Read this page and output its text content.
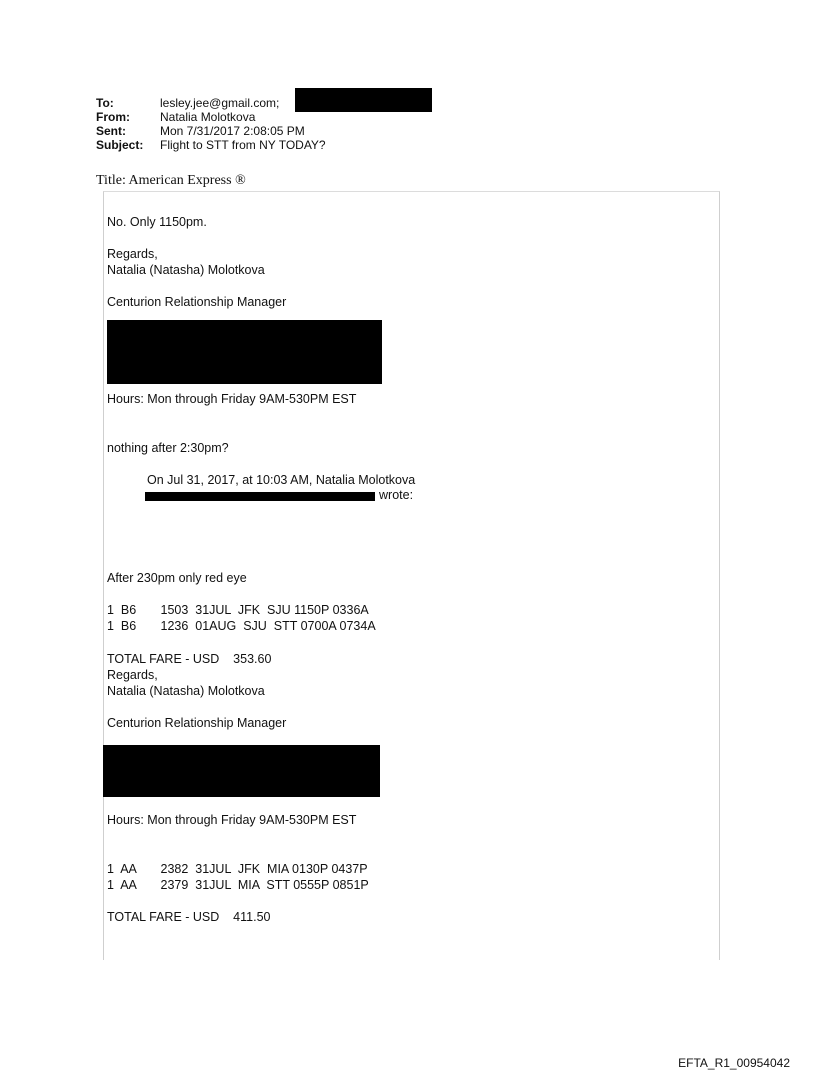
To:	lesley.jee@gmail.com;
From:	Natalia Molotkova
Sent:	Mon 7/31/2017 2:08:05 PM
Subject:	Flight to STT from NY TODAY?
Title: American Express ®
No. Only 1150pm.
Regards,
Natalia (Natasha) Molotkova
Centurion Relationship Manager
Hours: Mon through Friday 9AM-530PM EST
nothing after 2:30pm?
On Jul 31, 2017, at 10:03 AM, Natalia Molotkova
wrote:
After 230pm only red eye
1  B6       1503  31JUL  JFK  SJU 1150P 0336A
1  B6       1236  01AUG  SJU  STT 0700A 0734A
TOTAL FARE - USD    353.60
Regards,
Natalia (Natasha) Molotkova
Centurion Relationship Manager
Hours: Mon through Friday 9AM-530PM EST
1  AA       2382  31JUL  JFK  MIA 0130P 0437P
1  AA       2379  31JUL  MIA  STT 0555P 0851P
TOTAL FARE - USD    411.50
EFTA_R1_00954042
